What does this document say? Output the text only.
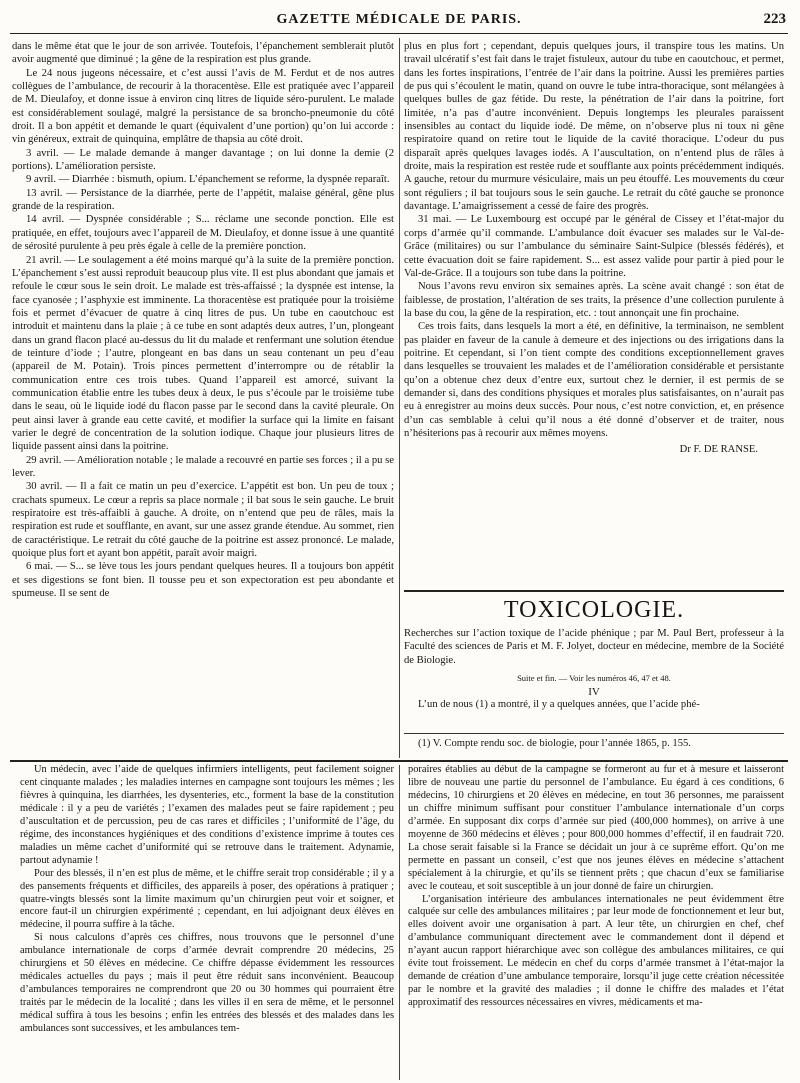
GAZETTE MÉDICALE DE PARIS.	223

dans le même état que le jour de son arrivée. Toutefois, l’épanchement semblerait plutôt avoir augmenté que diminué ; la gêne de la respiration est plus grande.

Le 24 nous jugeons nécessaire, et c’est aussi l’avis de M. Ferdut et de nos autres collègues de l’ambulance, de recourir à la thoracentèse. Elle est pratiquée avec l’appareil de M. Dieulafoy, et donne issue à environ cinq litres de liquide séro-purulent. Le malade est considérablement soulagé, malgré la persistance de sa broncho-pneumonie du côté droit. Il a bon appétit et demande le quart (équivalent d’une portion) qu’on lui accorde : vin généreux, extrait de quinquina, emplâtre de thapsia au côté droit.

3 avril. — Le malade demande à manger davantage ; on lui donne la demie (2 portions). L’amélioration persiste.

9 avril. — Diarrhée : bismuth, opium. L’épanchement se reforme, la dyspnée reparaît.

13 avril. — Persistance de la diarrhée, perte de l’appétit, malaise général, gêne plus grande de la respiration.

14 avril. — Dyspnée considérable ; S... réclame une seconde ponction. Elle est pratiquée, en effet, toujours avec l’appareil de M. Dieulafoy, et donne issue à une quantité de sérosité purulente à peu près égale à celle de la première ponction.

21 avril. — Le soulagement a été moins marqué qu’à la suite de la première ponction. L’épanchement s’est aussi reproduit beaucoup plus vite. Il est plus abondant que jamais et refoule le cœur sous le sein droit. Le malade est très-affaissé ; la dyspnée est intense, la face cyanosée ; l’asphyxie est imminente. La thoracentèse est pratiquée pour la troisième fois et permet d’évacuer de quatre à cinq litres de pus. Un tube en caoutchouc est introduit et maintenu dans la plaie ; à ce tube en sont adaptés deux autres, l’un, plongeant dans un grand flacon placé au-dessus du lit du malade et renfermant une solution étendue de teinture d’iode ; l’autre, plongeant en bas dans un seau contenant un peu d’eau (appareil de M. Potain). Trois pinces permettent d’interrompre ou de rétablir la communication entre ces trois tubes. Quand l’appareil est amorcé, suivant la communication établie entre les tubes deux à deux, le pus s’écoule par le troisième tube dans le seau, où le liquide iodé du flacon passe par le second dans la cavité pleurale. On peut ainsi laver à grande eau cette cavité, et modifier la surface qui la limite en faisant varier le degré de concentration de la solution iodique. Chaque jour plusieurs litres de liquide passent ainsi dans la poitrine.

29 avril. — Amélioration notable ; le malade a recouvré en partie ses forces ; il a pu se lever.

30 avril. — Il a fait ce matin un peu d’exercice. L’appétit est bon. Un peu de toux ; crachats spumeux. Le cœur a repris sa place normale ; il bat sous le sein gauche. Le bruit respiratoire est très-affaibli à gauche. A droite, on n’entend que peu de râles, mais la respiration est rude et soufflante, en avant, sur une assez grande étendue. Au sommet, rien de caractéristique. Le retrait du côté gauche de la poitrine est assez prononcé. Le malade, quoique plus fort et ayant bon appétit, paraît avoir maigri.

6 mai. — S... se lève tous les jours pendant quelques heures. Il a toujours bon appétit et ses digestions se font bien. Il tousse peu et son expectoration est peu abondante et spumeuse. Il se sent de

plus en plus fort ; cependant, depuis quelques jours, il transpire tous les matins. Un travail ulcératif s’est fait dans le trajet fistuleux, autour du tube en caoutchouc, et permet, dans les fortes inspirations, l’entrée de l’air dans la poitrine. Aussi les premières parties de pus qui s’écoulent le matin, quand on ouvre le tube intra-thoracique, sont mélangées à quelques bulles de gaz fétide. Du reste, la pénétration de l’air dans la poitrine, fort limitée, n’a pas d’autre inconvénient. Depuis longtemps les pleurales paraissent insensibles au contact du liquide iodé. De même, on n’observe plus ni toux ni gêne respiratoire quand on retire tout le liquide de la cavité thoracique. L’odeur du pus disparaît après quelques lavages iodés. A l’auscultation, on n’entend plus de râles à droite, mais la respiration est restée rude et soufflante aux points précédemment indiqués. A gauche, retour du murmure vésiculaire, mais un peu étouffé. Les mouvements du cœur sont réguliers ; il bat toujours sous le sein gauche. Le retrait du côté gauche se prononce davantage. L’amaigrissement a cessé de faire des progrès.

31 mai. — Le Luxembourg est occupé par le général de Cissey et l’état-major du corps d’armée qu’il commande. L’ambulance doit évacuer ses malades sur le Val-de-Grâce (militaires) ou sur l’ambulance du séminaire Saint-Sulpice (blessés fédérés), et cette évacuation doit se faire rapidement. S... est assez valide pour partir à pied pour le Val-de-Grâce. Il a toujours son tube dans la poitrine.

Nous l’avons revu environ six semaines après. La scène avait changé : son état de faiblesse, de prostation, l’altération de ses traits, la présence d’une collection purulente à la base du cou, la gêne de la respiration, etc. : tout annonçait une fin prochaine.

Ces trois faits, dans lesquels la mort a été, en définitive, la terminaison, ne semblent pas plaider en faveur de la canule à demeure et des injections ou des irrigations dans la poitrine. Et cependant, si l’on tient compte des conditions exceptionnellement graves dans lesquelles se trouvaient les malades et de l’amélioration considérable et persistante qu’on a obtenue chez deux d’entre eux, surtout chez le dernier, il est permis de se demander si, dans des conditions physiques et morales plus satisfaisantes, on n’aurait pas eu à enregistrer au moins deux succès. Pour nous, c’est notre conviction, et, en présence d’un cas semblable à celui qu’il nous a été donné d’observer et de traiter, nous n’hésiterions pas à recourir aux mêmes moyens.

Dr F. DE RANSE.
TOXICOLOGIE.
Recherches sur l’action toxique de l’acide phénique ; par M. Paul Bert, professeur à la Faculté des sciences de Paris et M. F. Jolyet, docteur en médecine, membre de la Société de Biologie.
Suite et fin. — Voir les numéros 46, 47 et 48.
IV
L’un de nous (1) a montré, il y a quelques années, que l’acide phé-
(1) V. Compte rendu soc. de biologie, pour l’année 1865, p. 155.

Un médecin, avec l’aide de quelques infirmiers intelligents, peut facilement soigner cent cinquante malades ; les maladies internes en campagne sont toujours les mêmes ; les fièvres à quinquina, les diarrhées, les dysenteries, etc., forment la base de la constitution médicale : il y a peu de variétés ; l’examen des malades peut se faire rapidement ; peu d’auscultation et de percussion, peu de cas rares et difficiles ; l’uniformité de l’âge, du régime, des inconstances hygiéniques et des conditions d’existence imprime à toutes ces maladies un même cachet d’uniformité qui se retrouve dans le traitement. Adynamie, partout adynamie !

Pour des blessés, il n’en est plus de même, et le chiffre serait trop considérable ; il y a des pansements fréquents et difficiles, des appareils à poser, des opérations à pratiquer ; quatre-vingts blessés sont la limite maximum qu’un chirurgien peut voir et soigner, et encore faut-il un chirurgien expérimenté ; cependant, en lui adjoignant deux élèves en médecine, il pourra suffire à la tâche.

Si nous calculons d’après ces chiffres, nous trouvons que le personnel d’une ambulance internationale de corps d’armée devrait comprendre 20 médecins, 25 chirurgiens et 50 élèves en médecine. Ce chiffre dépasse évidemment les ressources médicales actuelles du pays ; mais il peut être réduit sans inconvénient. Beaucoup d’ambulances temporaires ne comprendront que 20 ou 30 hommes qui pourraient être traités par le médecin de la localité ; dans les villes il en sera de même, et le personnel médical suffira à tous les besoins ; enfin les entrées des blessés et des malades dans les ambulances sont successives, et les ambulances tem-

poraires établies au début de la campagne se formeront au fur et à mesure et laisseront libre de nouveau une partie du personnel de l’ambulance. Eu égard à ces conditions, 6 médecins, 10 chirurgiens et 20 élèves en médecine, en tout 36 personnes, me paraissent un chiffre minimum suffisant pour constituer l’ambulance internationale d’un corps d’armée. En supposant dix corps d’armée sur pied (400,000 hommes), on arrive à une moyenne de 360 médecins et élèves ; pour 800,000 hommes d’effectif, il en faudrait 720. La chose serait faisable si la France se décidait un jour à ce suprême effort. Qu’on me permette en passant un conseil, c’est que nos jeunes élèves en médecine s’attachent spécialement à la chirurgie, et qu’ils se tiennent prêts ; que chacun d’eux se familiarise avec le couteau, et soit susceptible à un jour donné de faire un chirurgien.

L’organisation intérieure des ambulances internationales ne peut évidemment être calquée sur celle des ambulances militaires ; par leur mode de fonctionnement et leur but, elles doivent avoir une organisation à part. A leur tête, un chirurgien en chef, chef d’ambulance communiquant directement avec le commandement dont il dépend et n’ayant aucun rapport hiérarchique avec son collègue des ambulances militaires, ce qui évite tout froissement. Le médecin en chef du corps d’armée transmet à l’état-major la demande de création d’une ambulance temporaire, lorsqu’il juge cette création nécessitée par le nombre et la gravité des maladies ; il donne le chiffre des malades et l’état approximatif des ressources nécessaires en vivres, médicaments et ma-
